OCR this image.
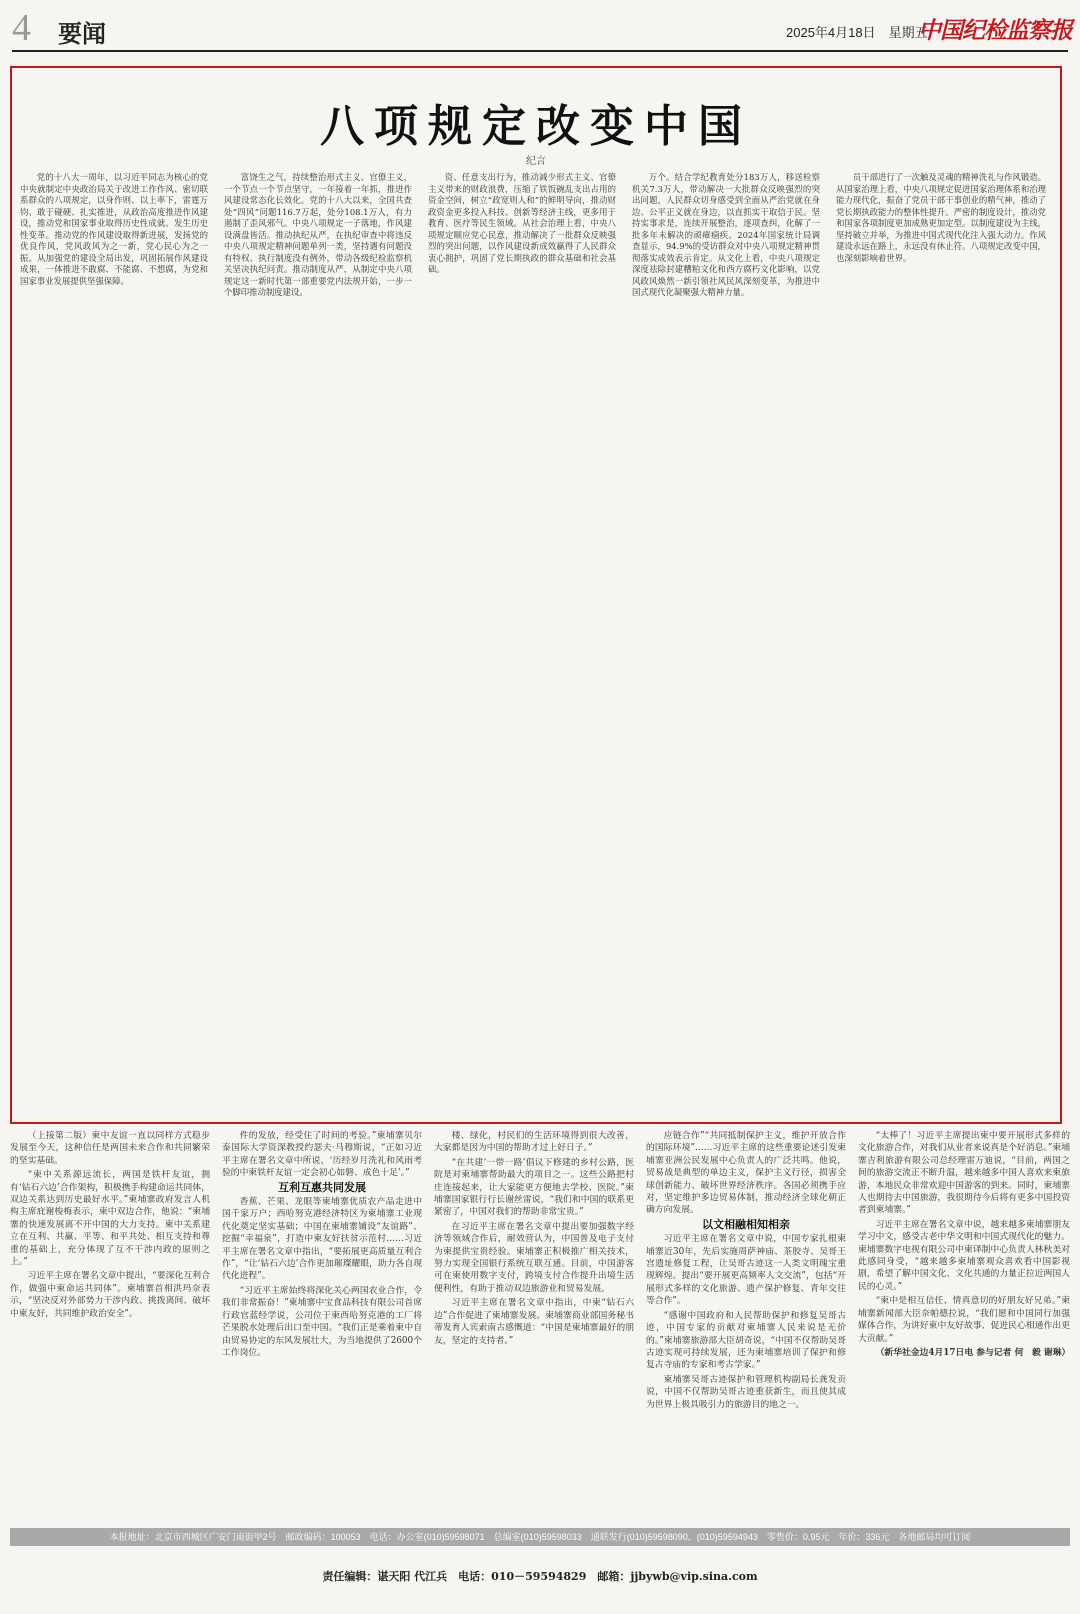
4 要闻	2025年4月18日　星期五
中国纪检监察报
八项规定改变中国
纪言

党的十八大一周年，以习近平同志为核心的党中央就制定中央政治局关于改进工作作风、密切联系群众的八项规定，以身作则、以上率下，雷霆万钧、敢于碰硬、扎实推进，从政治高度推进作风建设，推动党和国家事业取得历史性成就、发生历史性变革。推动党的作风建设取得新进展，发扬党的优良作风，党风政风为之一新，党心民心为之一振。从加强党的建设全局出发，巩固拓展作风建设成果，一体推进不敢腐、不能腐、不想腐，为党和国家事业发展提供坚强保障。

富饶生之气，持续整治形式主义、官僚主义，一个节点一个节点坚守，一年接着一年抓，推进作风建设常态化长效化。党的十八大以来，全国共查处“四风”问题116.7万起，处分108.1万人，有力遏制了歪风邪气。中央八项规定一子落地，作风建设满盘皆活。推动执纪从严，在执纪审查中将违反中央八项规定精神问题单列一类，坚持遇有问题没有特权、执行制度没有例外，带动各级纪检监察机关坚决执纪问责。推动制度从严，从制定中央八项规定这一新时代第一部重要党内法规开始，一步一个脚印推动制度建设。

资、任意支出行为，推动减少形式主义、官僚主义带来的财政浪费，压缩了铁饭碗乱支出占用的资金空间，树立“政宽则人和”的鲜明导向，推动财政资金更多投入科技、创新等经济主线，更多用于教育、医疗等民生领域。从社会治理上看，中央八项规定顺应党心民意，推动解决了一批群众反映强烈的突出问题，以作风建设新成效赢得了人民群众衷心拥护，巩固了党长期执政的群众基础和社会基础。

万个。结合学纪教育处分183万人，移送检察机关7.3万人，带动解决一大批群众反映强烈的突出问题，人民群众切身感受到全面从严治党就在身边、公平正义就在身边，以直抓实干取信于民。坚持实事求是，连续开展整治，逐项查纠，化解了一批多年未解决的顽瘴痼疾。2024年国家统计局调查显示，94.9%的受访群众对中央八项规定精神贯彻落实成效表示肯定。从文化上看，中央八项规定深度祛除封建糟粕文化和西方腐朽文化影响，以党风政风焕然一新引领社风民风深刻变革，为推进中国式现代化凝聚强大精神力量。

员干部进行了一次触及灵魂的精神洗礼与作风锻造。从国家治理上看，中央八项规定促进国家治理体系和治理能力现代化，振奋了党员干部干事创业的精气神，推动了党长期执政能力的整体性提升。严密的制度设计，推动党和国家各项制度更加成熟更加定型。以制度建设为主线，坚持破立并举，为推进中国式现代化注入强大动力。作风建设永远在路上，永远没有休止符。八项规定改变中国，也深刻影响着世界。

（上接第二版）柬中友谊一直以同样方式稳步发展至今天，这种信任是两国未来合作和共同繁荣的坚实基础。

“柬中关系源远流长，两国是铁杆友谊，拥有‘钻石六边’合作架构，积极携手构建命运共同体，双边关系达到历史最好水平。”柬埔寨政府发言人机构主席庇谢梭梅表示，柬中双边合作，他说：“柬埔寨的快速发展离不开中国的大力支持。柬中关系建立在互利、共赢、平等、和平共处、相互支持和尊重的基础上，充分体现了互不干涉内政的原则之上。”

习近平主席在署名文章中提出，“要深化互利合作，做强中柬命运共同体”。柬埔寨首相洪玛奈表示，“坚决反对外部势力干涉内政、挑拨离间、破坏中柬友好，共同维护政治安全”。

件的发放，经受住了时间的考验。”柬埔寨贝尔泰国际大学资深教授约瑟夫·马穆斯说，“正如习近平主席在署名文章中所说，‘历经岁月洗礼和风雨考验的中柬铁杆友谊一定会初心如磐、成色十足’。”

互利互惠共同发展

香蕉、芒果、龙眼等柬埔寨优质农产品走进中国千家万户；西哈努克港经济特区为柬埔寨工业现代化奠定坚实基础；中国在柬埔寨铺设“友谊路”、挖掘“幸福泉”，打造中柬友好扶贫示范村……习近平主席在署名文章中指出，“要拓展更高质量互利合作”，“让‘钻石六边’合作更加璀璨耀眼，助力各自现代化进程”。

“习近平主席始终将深化关心两国农业合作，令我们非常振奋！”柬埔寨中宝食品科技有限公司首席行政官蓝经学说，公司位于柬西哈努克港的工厂将芒果脱水处理后出口至中国。“我们正是乘着柬中自由贸易协定的东风发展壮大，为当地提供了2600个工作岗位。

楼、绿化，村民们的生活环境得到很大改善，大家都是因为中国的帮助才过上好日子。”

“在共建‘一带一路’倡议下修建的乡村公路，医院是对柬埔寨帮助最大的项目之一。这些公路把村庄连接起来，让大家能更方便地去学校、医院。”柬埔寨国家银行行长谢丝雷说，“我们和中国的联系更紧密了，中国对我们的帮助非常宝贵。”

在习近平主席在署名文章中提出要加强数字经济等领域合作后，耐效营认为，中国普及电子支付为柬提供宝贵经验。柬埔寨正积极推广相关技术，努力实现全国银行系统互联互通。目前，中国游客可在柬使用数字支付，跨境支付合作提升出境生活便利性，有助于推动双边旅游业和贸易发展。

习近平主席在署名文章中指出，中柬“钻石六边”合作促进了柬埔寨发展。柬埔寨商业部国务秘书蒂发育人宾索南古感慨道：“中国是柬埔寨最好的朋友，坚定的支持者。”

应链合作”“共同抵制保护主义，维护开放合作的国际环境”……习近平主席的这些重要论述引发柬埔寨亚洲公民发展中心负责人的广泛共鸣。他说，贸易战是典型的单边主义，保护主义行径，损害全球创新能力、破坏世界经济秩序。各国必须携手应对，坚定维护多边贸易体制，推动经济全球化朝正确方向发展。

以文相融相知相亲

习近平主席在署名文章中说，中国专家扎根柬埔寨近30年，先后实施周萨神庙、茶胶寺、吴哥王宫遗址修复工程，让吴哥古迹这一人类文明瑰宝重现辉煌。提出“要开展更高频率人文交流”，包括“开展形式多样的文化旅游、遗产保护修复、青年交往等合作”。

“感谢中国政府和人民帮助保护和修复吴哥古迹，中国专家的贡献对柬埔寨人民来说是无价的。”柬埔寨旅游部大臣胡奇说，“中国不仅帮助吴哥古迹实现可持续发展，还为柬埔寨培训了保护和修复古寺庙的专家和考古学家。”

柬埔寨吴哥古迹保护和管理机构副局长龚发贡说，中国不仅帮助吴哥古迹重获新生，而且使其成为世界上极具吸引力的旅游目的地之一。

“太棒了！习近平主席提出柬中要开展形式多样的文化旅游合作，对我们从业者来说真是个好消息。”柬埔寨吉利旅游有限公司总经理雷万迪说，“目前，两国之间的旅游交流正不断升温，越来越多中国人喜欢来柬旅游，本地民众非常欢迎中国游客的到来。同时，柬埔寨人也期待去中国旅游，我很期待今后将有更多中国投资者到柬埔寨。”

习近平主席在署名文章中说，越来越多柬埔寨朋友学习中文，感受古老中华文明和中国式现代化的魅力。柬埔寨数字电视有限公司中柬译制中心负责人林秋美对此感同身受，“越来越多柬埔寨观众喜欢看中国影视剧，希望了解中国文化、文化共通的力量正拉近两国人民的心灵。”

“柬中是相互信任、情真意切的好朋友好兄弟。”柬埔寨新闻部大臣奈帕德拉说，“我们愿和中国同行加强媒体合作，为讲好柬中友好故事、促进民心相通作出更大贡献。”

（新华社金边4月17日电 参与记者 何　毅 谢琳）

本报地址：北京市西城区广安门南街甲2号　邮政编码：100053　电话：办公室(010)59598071　总编室(010)59598033　通联发行(010)59598090、(010)59594943　零售价：0.95元　年价：336元　各地邮局均可订阅
责任编辑：谌天阳 代江兵　电话：010－59594829　邮箱：jjbywb@vip.sina.com
